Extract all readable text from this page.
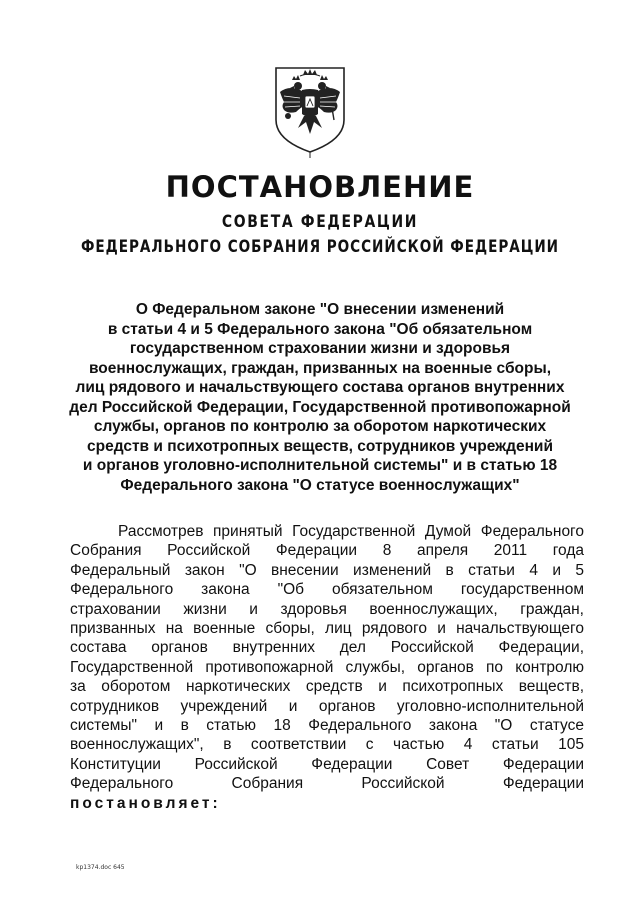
ПОСТАНОВЛЕНИЕ
СОВЕТА ФЕДЕРАЦИИ
ФЕДЕРАЛЬНОГО СОБРАНИЯ РОССИЙСКОЙ ФЕДЕРАЦИИ
О Федеральном законе "О внесении изменений
в статьи 4 и 5 Федерального закона "Об обязательном
государственном страховании жизни и здоровья
военнослужащих, граждан, призванных на военные сборы,
лиц рядового и начальствующего состава органов внутренних
дел Российской Федерации, Государственной противопожарной
службы, органов по контролю за оборотом наркотических
средств и психотропных веществ, сотрудников учреждений
и органов уголовно-исполнительной системы" и в статью 18
Федерального закона "О статусе военнослужащих"
Рассмотрев принятый Государственной Думой Федерального
Собрания Российской Федерации 8 апреля 2011 года
Федеральный закон "О внесении изменений в статьи 4 и 5
Федерального закона "Об обязательном государственном
страховании жизни и здоровья военнослужащих, граждан,
призванных на военные сборы, лиц рядового и начальствующего
состава органов внутренних дел Российской Федерации,
Государственной противопожарной службы, органов по контролю
за оборотом наркотических средств и психотропных веществ,
сотрудников учреждений и органов уголовно-исполнительной
системы" и в статью 18 Федерального закона "О статусе
военнослужащих", в соответствии с частью 4 статьи 105
Конституции Российской Федерации Совет Федерации
Федерального Собрания Российской Федерации
постановляет:
kp1374.doc 645
